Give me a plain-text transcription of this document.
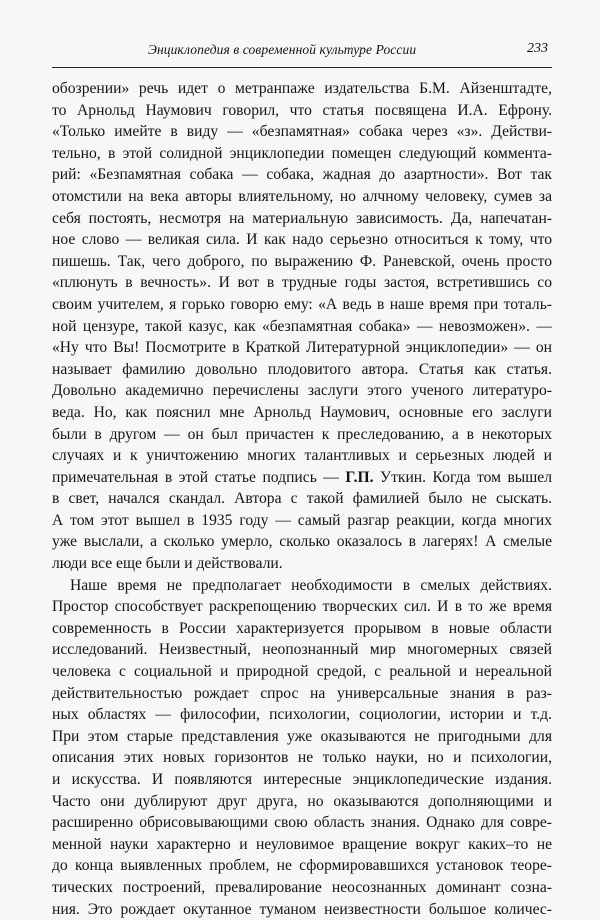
Энциклопедия в современной культуре России	233
обозрении» речь идет о метранпаже издательства Б.М. Айзенштадте,
то Арнольд Наумович говорил, что статья посвящена И.А. Ефрону.
«Только имейте в виду — «безпамятная» собака через «з». Действи-
тельно, в этой солидной энциклопедии помещен следующий коммента-
рий: «Безпамятная собака — собака, жадная до азартности». Вот так
отомстили на века авторы влиятельному, но алчному человеку, сумев за
себя постоять, несмотря на материальную зависимость. Да, напечатан-
ное слово — великая сила. И как надо серьезно относиться к тому, что
пишешь. Так, чего доброго, по выражению Ф. Раневской, очень просто
«плюнуть в вечность». И вот в трудные годы застоя, встретившись со
своим учителем, я горько говорю ему: «А ведь в наше время при тоталь-
ной цензуре, такой казус, как «безпамятная собака» — невозможен». —
«Ну что Вы! Посмотрите в Краткой Литературной энциклопедии» — он
называет фамилию довольно плодовитого автора. Статья как статья.
Довольно академично перечислены заслуги этого ученого литературо-
веда. Но, как пояснил мне Арнольд Наумович, основные его заслуги
были в другом — он был причастен к преследованию, а в некоторых
случаях и к уничтожению многих талантливых и серьезных людей и
примечательная в этой статье подпись — Г.П. Уткин. Когда том вышел
в свет, начался скандал. Автора с такой фамилией было не сыскать.
А том этот вышел в 1935 году — самый разгар реакции, когда многих
уже выслали, а сколько умерло, сколько оказалось в лагерях! А смелые
люди все еще были и действовали.
Наше время не предполагает необходимости в смелых действиях.
Простор способствует раскрепощению творческих сил. И в то же время
современность в России характеризуется прорывом в новые области
исследований. Неизвестный, неопознанный мир многомерных связей
человека с социальной и природной средой, с реальной и нереальной
действительностью рождает спрос на универсальные знания в раз-
ных областях — философии, психологии, социологии, истории и т.д.
При этом старые представления уже оказываются не пригодными для
описания этих новых горизонтов не только науки, но и психологии,
и искусства. И появляются интересные энциклопедические издания.
Часто они дублируют друг друга, но оказываются дополняющими и
расширенно обрисовывающими свою область знания. Однако для совре-
менной науки характерно и неуловимое вращение вокруг каких–то не
до конца выявленных проблем, не сформировавшихся установок теоре-
тических построений, превалирование неосознанных доминант созна-
ния. Это рождает окутанное туманом неизвестности большое количес-
